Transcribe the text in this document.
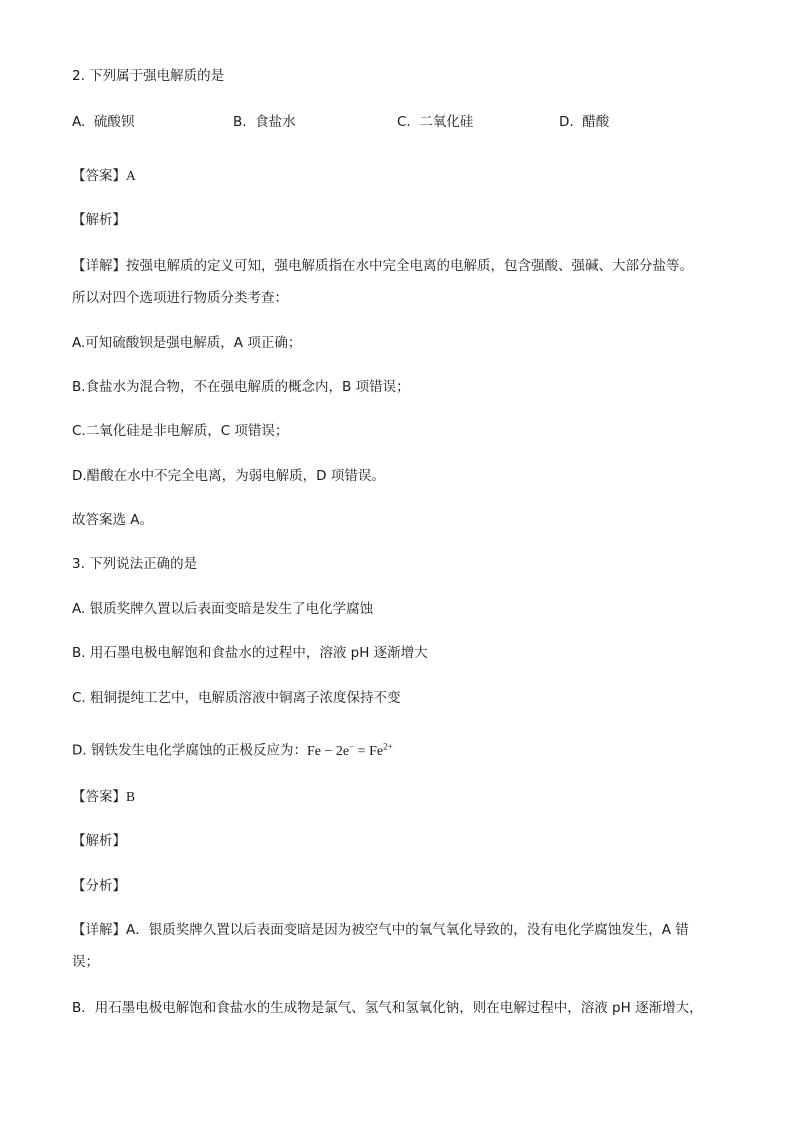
2. 下列属于强电解质的是
A. 硫酸钡	B. 食盐水	C. 二氧化硅	D. 醋酸
【答案】A
【解析】
【详解】按强电解质的定义可知，强电解质指在水中完全电离的电解质，包含强酸、强碱、大部分盐等。
所以对四个选项进行物质分类考查：
A.可知硫酸钡是强电解质，A 项正确；
B.食盐水为混合物，不在强电解质的概念内，B 项错误；
C.二氧化硅是非电解质，C 项错误；
D.醋酸在水中不完全电离，为弱电解质，D 项错误。
故答案选 A。
3. 下列说法正确的是
A. 银质奖牌久置以后表面变暗是发生了电化学腐蚀
B. 用石墨电极电解饱和食盐水的过程中，溶液 pH 逐渐增大
C. 粗铜提纯工艺中，电解质溶液中铜离子浓度保持不变
D. 钢铁发生电化学腐蚀的正极反应为：$Fe - 2e^- = Fe^{2+}$
【答案】B
【解析】
【分析】
【详解】A．银质奖牌久置以后表面变暗是因为被空气中的氧气氧化导致的，没有电化学腐蚀发生，A 错
误；
B．用石墨电极电解饱和食盐水的生成物是氯气、氢气和氢氧化钠，则在电解过程中，溶液 pH 逐渐增大，
